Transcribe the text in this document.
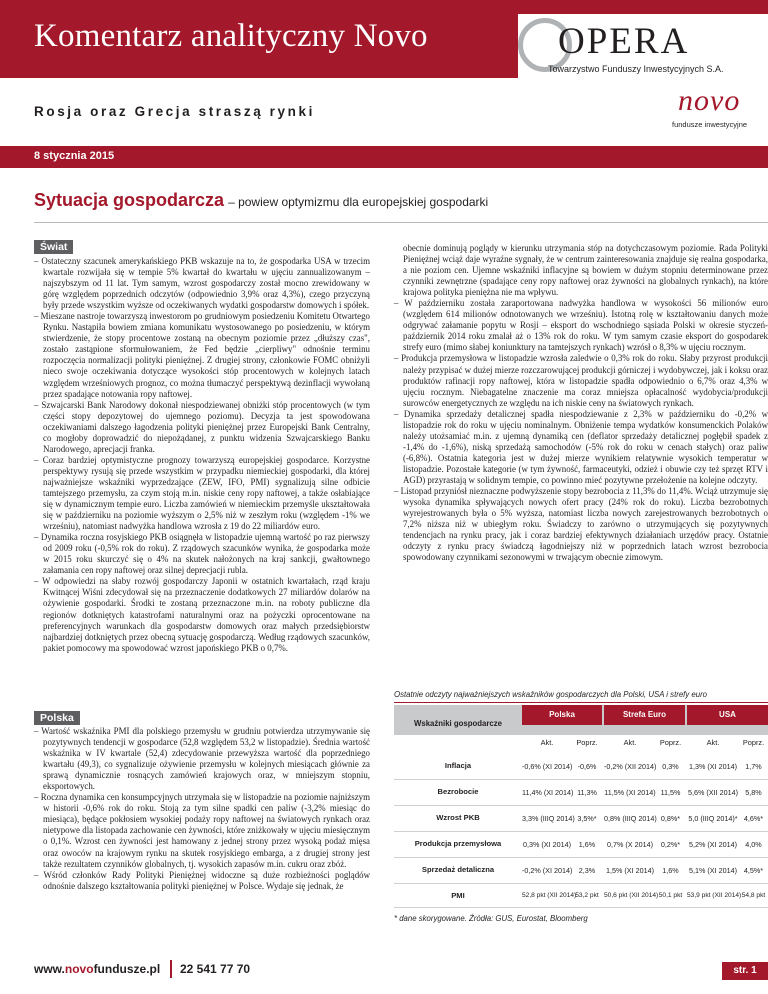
Komentarz analityczny Novo	OPERA
Towarzystwo Funduszy Inwestycyjnych S.A.
Rosja oraz Grecja straszą rynki	novo
fundusze inwestycyjne
8 stycznia 2015
Sytuacja gospodarcza – powiew optymizmu dla europejskiej gospodarki
Świat

– Ostateczny szacunek amerykańskiego PKB wskazuje na to, że gospodarka USA w trzecim kwartale rozwijała się w tempie 5% kwartał do kwartału w ujęciu zannualizowanym – najszybszym od 11 lat. Tym samym, wzrost gospodarczy został mocno zrewidowany w górę względem poprzednich odczytów (odpowiednio 3,9% oraz 4,3%), czego przyczyną były przede wszystkim wyższe od oczekiwanych wydatki gospodarstw domowych i spółek.

– Mieszane nastroje towarzyszą inwestorom po grudniowym posiedzeniu Komitetu Otwartego Rynku. Nastąpiła bowiem zmiana komunikatu wystosowanego po posiedzeniu, w którym stwierdzenie, że stopy procentowe zostaną na obecnym poziomie przez „dłuższy czas", zostało zastąpione sformułowaniem, że Fed będzie „cierpliwy" odnośnie terminu rozpoczęcia normalizacji polityki pieniężnej. Z drugiej strony, członkowie FOMC obniżyli nieco swoje oczekiwania dotyczące wysokości stóp procentowych w kolejnych latach względem wrześniowych prognoz, co można tłumaczyć perspektywą dezinflacji wywołaną przez spadające notowania ropy naftowej.

– Szwajcarski Bank Narodowy dokonał niespodziewanej obniżki stóp procentowych (w tym części stopy depozytowej do ujemnego poziomu). Decyzja ta jest spowodowana oczekiwaniami dalszego łagodzenia polityki pieniężnej przez Europejski Bank Centralny, co mogłoby doprowadzić do niepożądanej, z punktu widzenia Szwajcarskiego Banku Narodowego, aprecjacji franka.

– Coraz bardziej optymistyczne prognozy towarzyszą europejskiej gospodarce. Korzystne perspektywy rysują się przede wszystkim w przypadku niemieckiej gospodarki, dla której najważniejsze wskaźniki wyprzedzające (ZEW, IFO, PMI) sygnalizują silne odbicie tamtejszego przemysłu, za czym stoją m.in. niskie ceny ropy naftowej, a także osłabiające się w dynamicznym tempie euro. Liczba zamówień w niemieckim przemyśle ukształtowała się w październiku na poziomie wyższym o 2,5% niż w zeszłym roku (względem -1% we wrześniu), natomiast nadwyżka handlowa wzrosła z 19 do 22 miliardów euro.

– Dynamika roczna rosyjskiego PKB osiągnęła w listopadzie ujemną wartość po raz pierwszy od 2009 roku (-0,5% rok do roku). Z rządowych szacunków wynika, że gospodarka może w 2015 roku skurczyć się o 4% na skutek nałożonych na kraj sankcji, gwałtownego załamania cen ropy naftowej oraz silnej deprecjacji rubla.

– W odpowiedzi na słaby rozwój gospodarczy Japonii w ostatnich kwartałach, rząd kraju Kwitnącej Wiśni zdecydował się na przeznaczenie dodatkowych 27 miliardów dolarów na ożywienie gospodarki. Środki te zostaną przeznaczone m.in. na roboty publiczne dla regionów dotkniętych katastrofami naturalnymi oraz na pożyczki oprocentowane na preferencyjnych warunkach dla gospodarstw domowych oraz małych przedsiębiorstw najbardziej dotkniętych przez obecną sytuację gospodarczą. Według rządowych szacunków, pakiet pomocowy ma spowodować wzrost japońskiego PKB o 0,7%.

Polska

– Wartość wskaźnika PMI dla polskiego przemysłu w grudniu potwierdza utrzymywanie się pozytywnych tendencji w gospodarce (52,8 względem 53,2 w listopadzie). Średnia wartość wskaźnika w IV kwartale (52,4) zdecydowanie przewyższa wartość dla poprzedniego kwartału (49,3), co sygnalizuje ożywienie przemysłu w kolejnych miesiącach głównie za sprawą dynamicznie rosnących zamówień krajowych oraz, w mniejszym stopniu, eksportowych.

– Roczna dynamika cen konsumpcyjnych utrzymała się w listopadzie na poziomie najniższym w historii -0,6% rok do roku. Stoją za tym silne spadki cen paliw (-3,2% miesiąc do miesiąca), będące pokłosiem wysokiej podaży ropy naftowej na światowych rynkach oraz nietypowe dla listopada zachowanie cen żywności, które zniżkowały w ujęciu miesięcznym o 0,1%. Wzrost cen żywności jest hamowany z jednej strony przez wysoką podaż mięsa oraz owoców na krajowym rynku na skutek rosyjskiego embarga, a z drugiej strony jest także rezultatem czynników globalnych, tj. wysokich zapasów m.in. cukru oraz zbóż.

– Wśród członków Rady Polityki Pieniężnej widoczne są duże rozbieżności poglądów odnośnie dalszego kształtowania polityki pieniężnej w Polsce. Wydaje się jednak, że

obecnie dominują poglądy w kierunku utrzymania stóp na dotychczasowym poziomie. Rada Polityki Pieniężnej wciąż daje wyraźne sygnały, że w centrum zainteresowania znajduje się realna gospodarka, a nie poziom cen. Ujemne wskaźniki inflacyjne są bowiem w dużym stopniu determinowane przez czynniki zewnętrzne (spadające ceny ropy naftowej oraz żywności na globalnych rynkach), na które krajowa polityka pieniężna nie ma wpływu.

– W październiku została zaraportowana nadwyżka handlowa w wysokości 56 milionów euro (względem 614 milionów odnotowanych we wrześniu). Istotną rolę w kształtowaniu danych może odgrywać załamanie popytu w Rosji – eksport do wschodniego sąsiada Polski w okresie styczeń-październik 2014 roku zmalał aż o 13% rok do roku. W tym samym czasie eksport do gospodarek strefy euro (mimo słabej koniunktury na tamtejszych rynkach) wzrósł o 8,3% w ujęciu rocznym.

– Produkcja przemysłowa w listopadzie wzrosła zaledwie o 0,3% rok do roku. Słaby przyrost produkcji należy przypisać w dużej mierze rozczarowującej produkcji górniczej i wydobywczej, jak i koksu oraz produktów rafinacji ropy naftowej, która w listopadzie spadła odpowiednio o 6,7% oraz 4,3% w ujęciu rocznym. Niebagatelne znaczenie ma coraz mniejsza opłacalność wydobycia/produkcji surowców energetycznych ze względu na ich niskie ceny na światowych rynkach.

– Dynamika sprzedaży detalicznej spadła niespodziewanie z 2,3% w październiku do -0,2% w listopadzie rok do roku w ujęciu nominalnym. Obniżenie tempa wydatków konsumenckich Polaków należy utożsamiać m.in. z ujemną dynamiką cen (deflator sprzedaży detalicznej pogłębił spadek z -1,4% do -1,6%), niską sprzedażą samochodów (-5% rok do roku w cenach stałych) oraz paliw (-6,8%). Ostatnia kategoria jest w dużej mierze wynikiem relatywnie wysokich temperatur w listopadzie. Pozostałe kategorie (w tym żywność, farmaceutyki, odzież i obuwie czy też sprzęt RTV i AGD) przyrastają w solidnym tempie, co powinno mieć pozytywne przełożenie na kolejne odczyty.

– Listopad przyniósł nieznaczne podwyższenie stopy bezrobocia z 11,3% do 11,4%. Wciąż utrzymuje się wysoka dynamika spływających nowych ofert pracy (24% rok do roku). Liczba bezrobotnych wyrejestrowanych była o 5% wyższa, natomiast liczba nowych zarejestrowanych bezrobotnych o 7,2% niższa niż w ubiegłym roku. Świadczy to zarówno o utrzymujących się pozytywnych tendencjach na rynku pracy, jak i coraz bardziej efektywnych działaniach urzędów pracy. Ostatnie odczyty z rynku pracy świadczą łagodniejszy niż w poprzednich latach wzrost bezrobocia spowodowany czynnikami sezonowymi w trwającym obecnie zimowym.

Ostatnie odczyty najważniejszych wskaźników gospodarczych dla Polski, USA i strefy euro
Wskaźniki gospodarcze
Polska	Strefa Euro	USA
Akt.	Poprz.	Akt.	Poprz.	Akt.	Poprz.
Inflacja	-0,6% (XI 2014) -0,6%	-0,2% (XII 2014) 0,3%	1,3% (XI 2014)	1,7%
Bezrobocie	11,4% (XI 2014) 11,3%	11,5% (XI 2014) 11,5%	5,6% (XII 2014)	5,8%
Wzrost PKB	3,3% (IIIQ 2014) 3,5%*	0,8% (IIIQ 2014) 0,8%*	5,0 (IIIQ 2014)* 4,6%*
Produkcja przemysłowa	0,3% (XI 2014)	1,6%	0,7% (X 2014)	0,2%*	5,2% (XI 2014)	4,0%
Sprzedaż detaliczna	-0,2% (XI 2014) 2,3%	1,5% (XI 2014)	1,6%	5,1% (XI 2014) 4,5%*
PMI	52,8 pkt (XII 2014) 53,2 pkt 50,6 pkt (XII 2014) 50,1 pkt 53,9 pkt (XII 2014) 54,8 pkt
* dane skorygowane. Źródła: GUS, Eurostat, Bloomberg
www.novofundusze.pl 22 541 77 70	str. 1
